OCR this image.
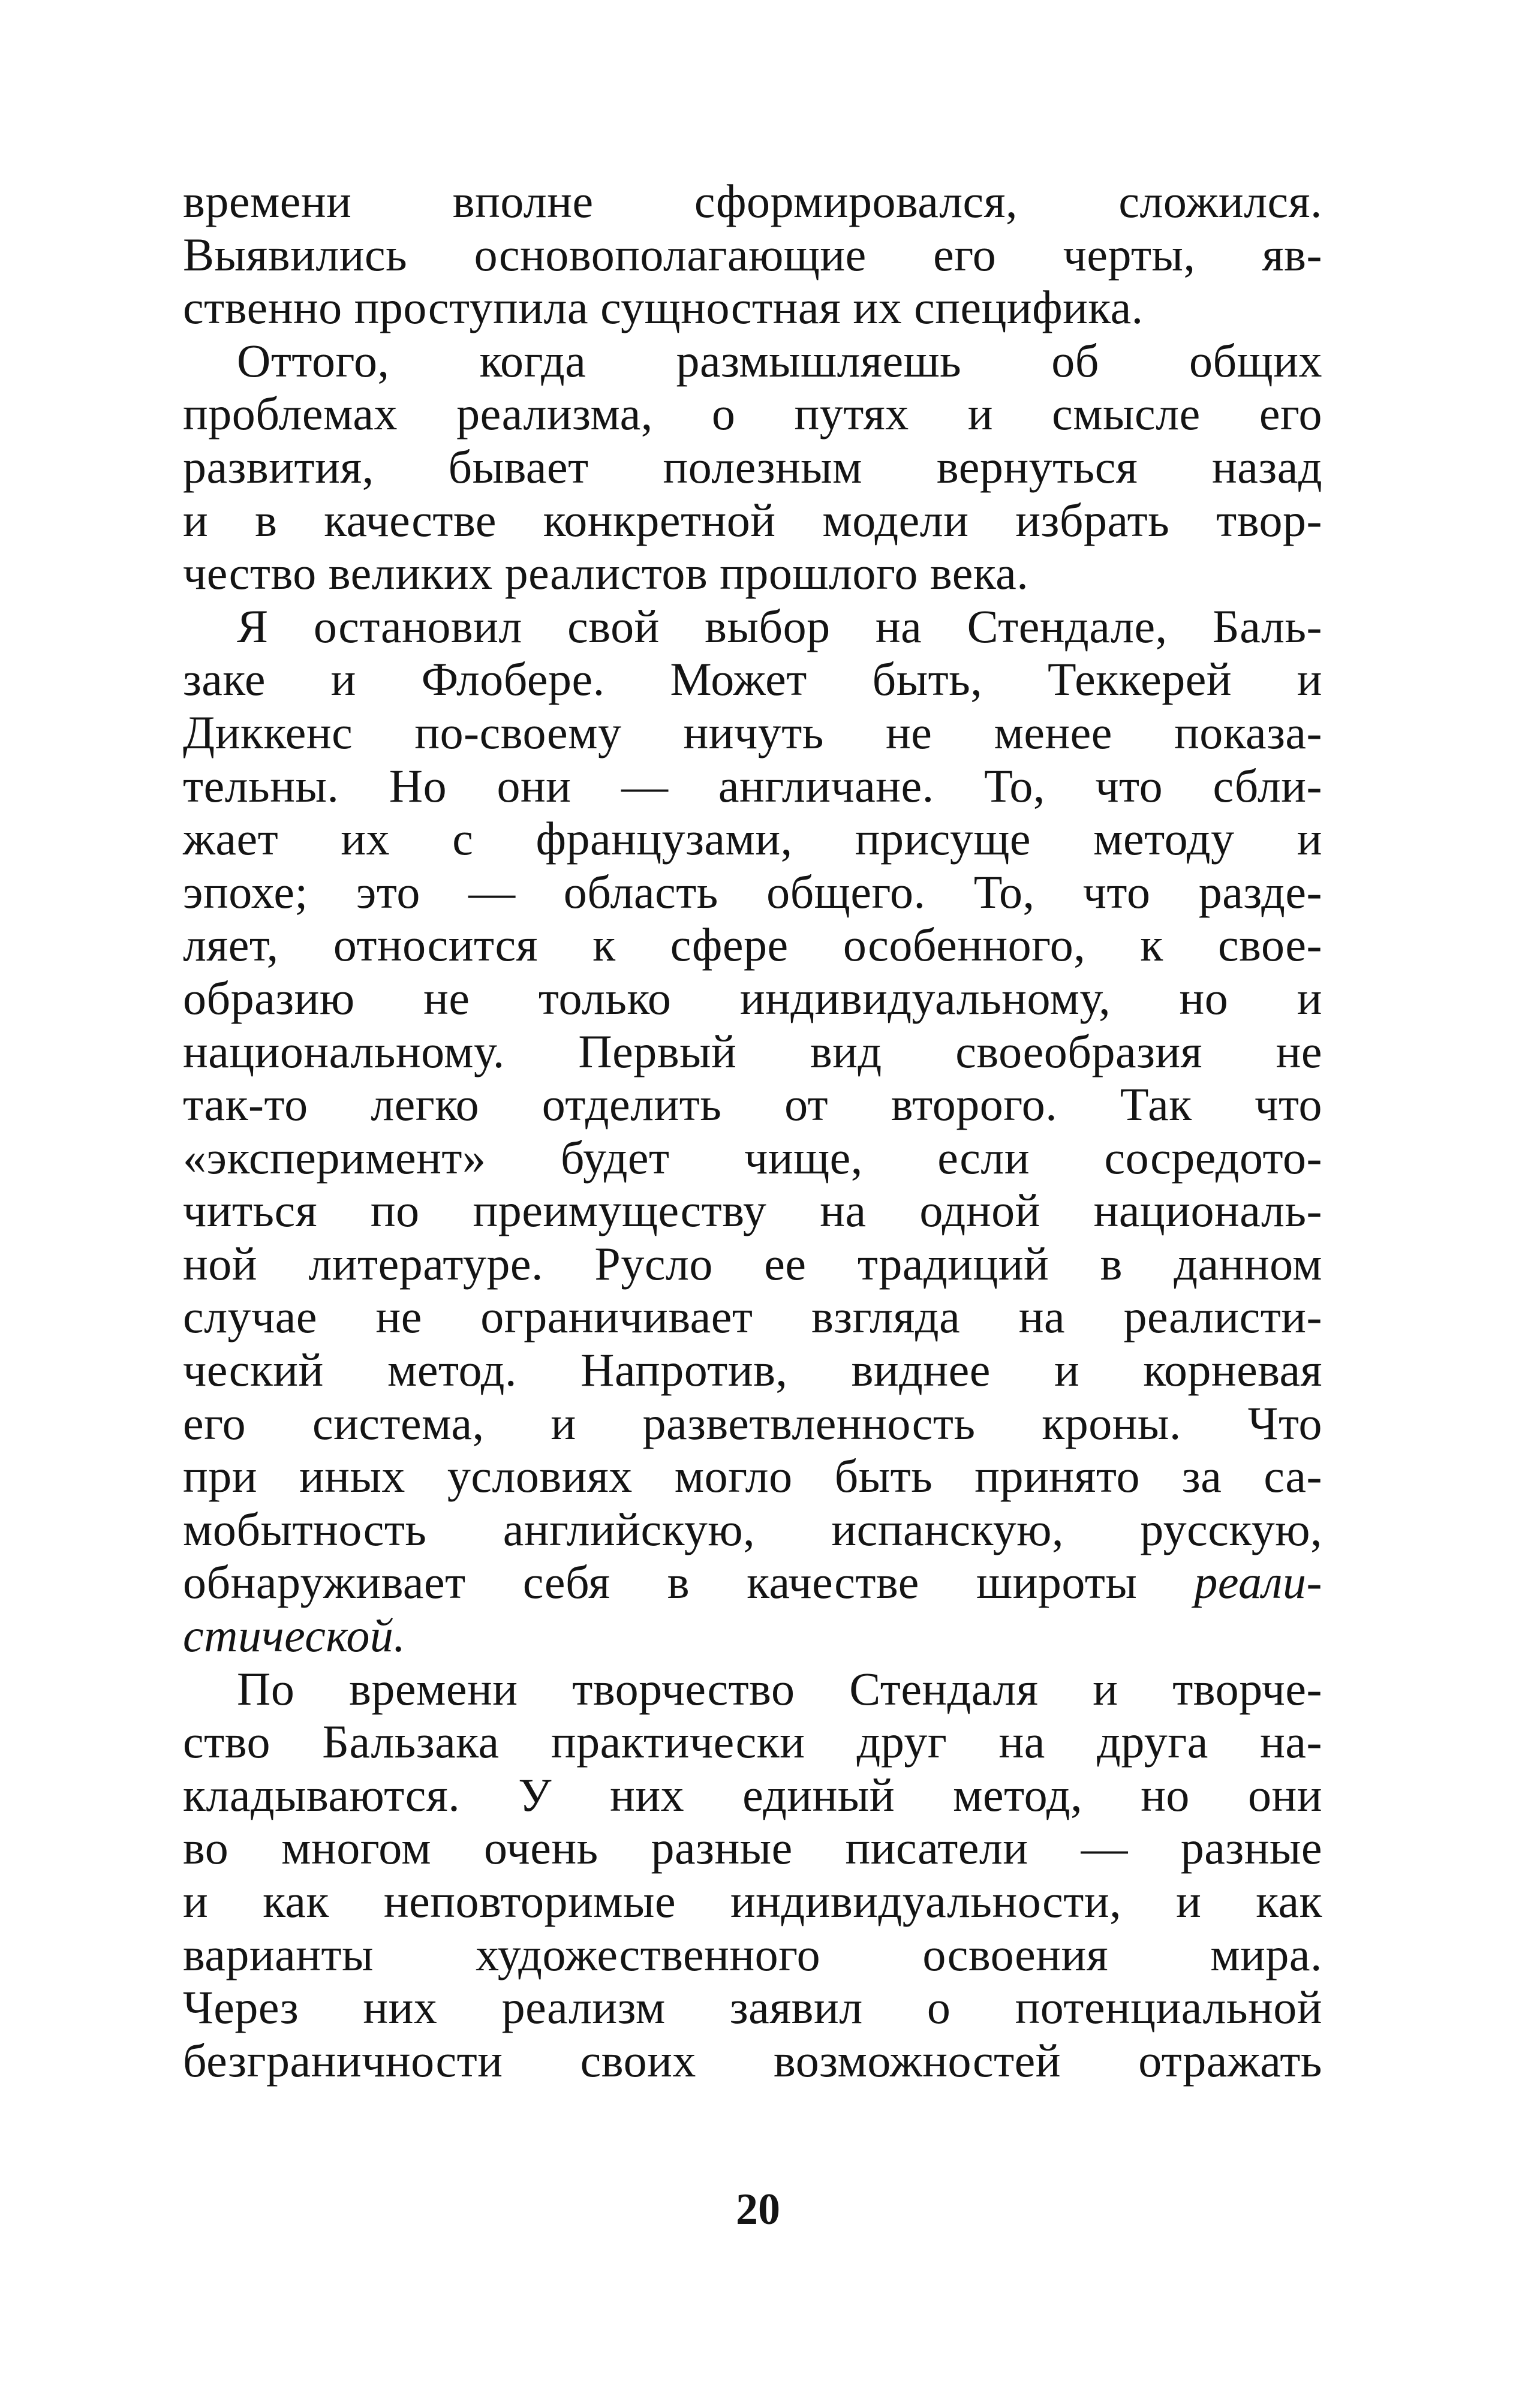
времени вполне сформировался, сложился.
Выявились основополагающие его черты, яв-
ственно проступила сущностная их специфика.
Оттого, когда размышляешь об общих
проблемах реализма, о путях и смысле его
развития, бывает полезным вернуться назад
и в качестве конкретной модели избрать твор-
чество великих реалистов прошлого века.
Я остановил свой выбор на Стендале, Баль-
заке и Флобере. Может быть, Теккерей и
Диккенс по-своему ничуть не менее показа-
тельны. Но они — англичане. То, что сбли-
жает их с французами, присуще методу и
эпохе; это — область общего. То, что разде-
ляет, относится к сфере особенного, к свое-
образию не только индивидуальному, но и
национальному. Первый вид своеобразия не
так-то легко отделить от второго. Так что
«эксперимент» будет чище, если сосредото-
читься по преимуществу на одной националь-
ной литературе. Русло ее традиций в данном
случае не ограничивает взгляда на реалисти-
ческий метод. Напротив, виднее и корневая
его система, и разветвленность кроны. Что
при иных условиях могло быть принято за са-
мобытность английскую, испанскую, русскую,
обнаруживает себя в качестве широты реали-
стической.
По времени творчество Стендаля и творче-
ство Бальзака практически друг на друга на-
кладываются. У них единый метод, но они
во многом очень разные писатели — разные
и как неповторимые индивидуальности, и как
варианты художественного освоения мира.
Через них реализм заявил о потенциальной
безграничности своих возможностей отражать
20
